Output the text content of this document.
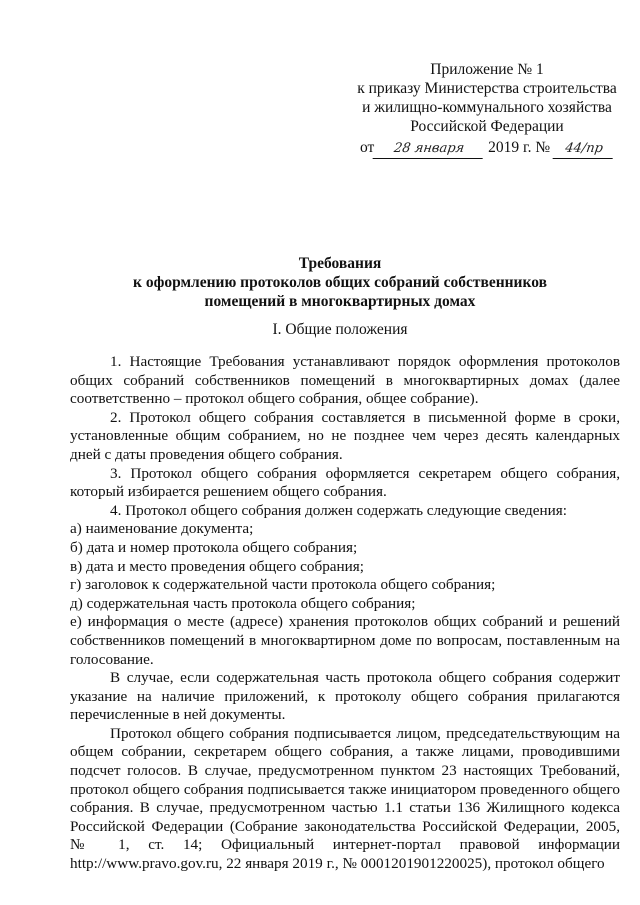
Приложение № 1
к приказу Министерства строительства
и жилищно-коммунального хозяйства
Российской Федерации
от 28 января 2019 г. № 44/пр
Требования
к оформлению протоколов общих собраний собственников
помещений в многоквартирных домах
I. Общие положения

1. Настоящие Требования устанавливают порядок оформления протоколов общих собраний собственников помещений в многоквартирных домах (далее соответственно – протокол общего собрания, общее собрание).

2. Протокол общего собрания составляется в письменной форме в сроки, установленные общим собранием, но не позднее чем через десять календарных дней с даты проведения общего собрания.

3. Протокол общего собрания оформляется секретарем общего собрания, который избирается решением общего собрания.

4. Протокол общего собрания должен содержать следующие сведения:

а) наименование документа;

б) дата и номер протокола общего собрания;

в) дата и место проведения общего собрания;

г) заголовок к содержательной части протокола общего собрания;

д) содержательная часть протокола общего собрания;

е) информация о месте (адресе) хранения протоколов общих собраний и решений собственников помещений в многоквартирном доме по вопросам, поставленным на голосование.

В случае, если содержательная часть протокола общего собрания содержит указание на наличие приложений, к протоколу общего собрания прилагаются перечисленные в ней документы.

Протокол общего собрания подписывается лицом, председательствующим на общем собрании, секретарем общего собрания, а также лицами, проводившими подсчет голосов. В случае, предусмотренном пунктом 23 настоящих Требований, протокол общего собрания подписывается также инициатором проведенного общего собрания. В случае, предусмотренном частью 1.1 статьи 136 Жилищного кодекса Российской Федерации (Собрание законодательства Российской Федерации, 2005, № 1, ст. 14; Официальный интернет-портал правовой информации http://www.pravo.gov.ru, 22 января 2019 г., № 0001201901220025), протокол общего
